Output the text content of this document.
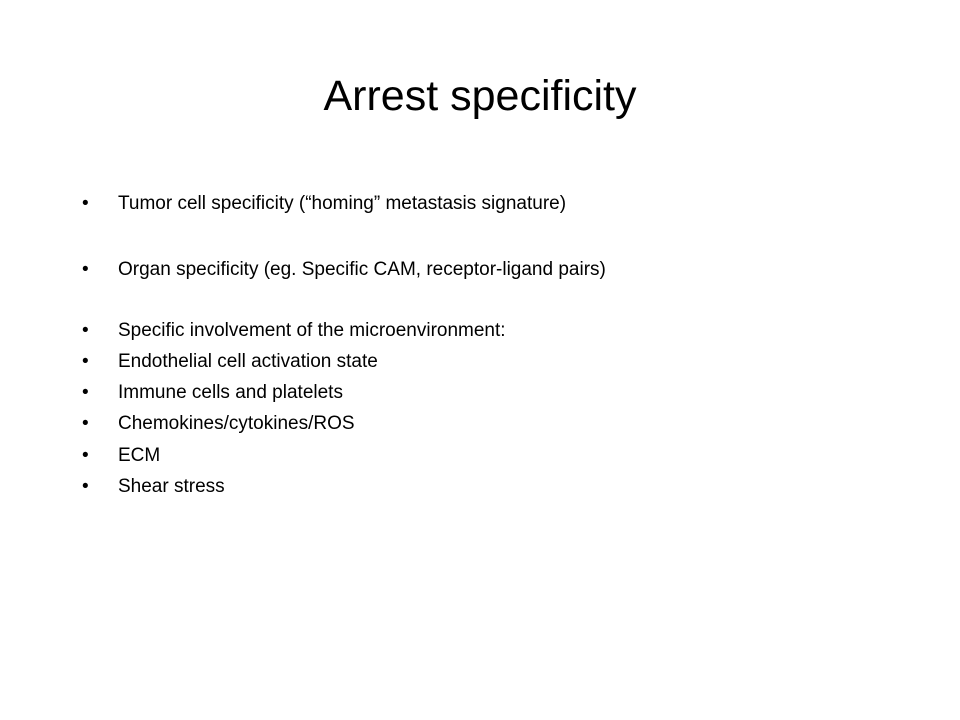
Arrest specificity
• Tumor cell specificity (“homing” metastasis signature)
• Organ specificity (eg. Specific CAM, receptor-ligand pairs)
• Specific involvement of the microenvironment:
• Endothelial cell activation state
• Immune cells and platelets
• Chemokines/cytokines/ROS
• ECM
• Shear stress
